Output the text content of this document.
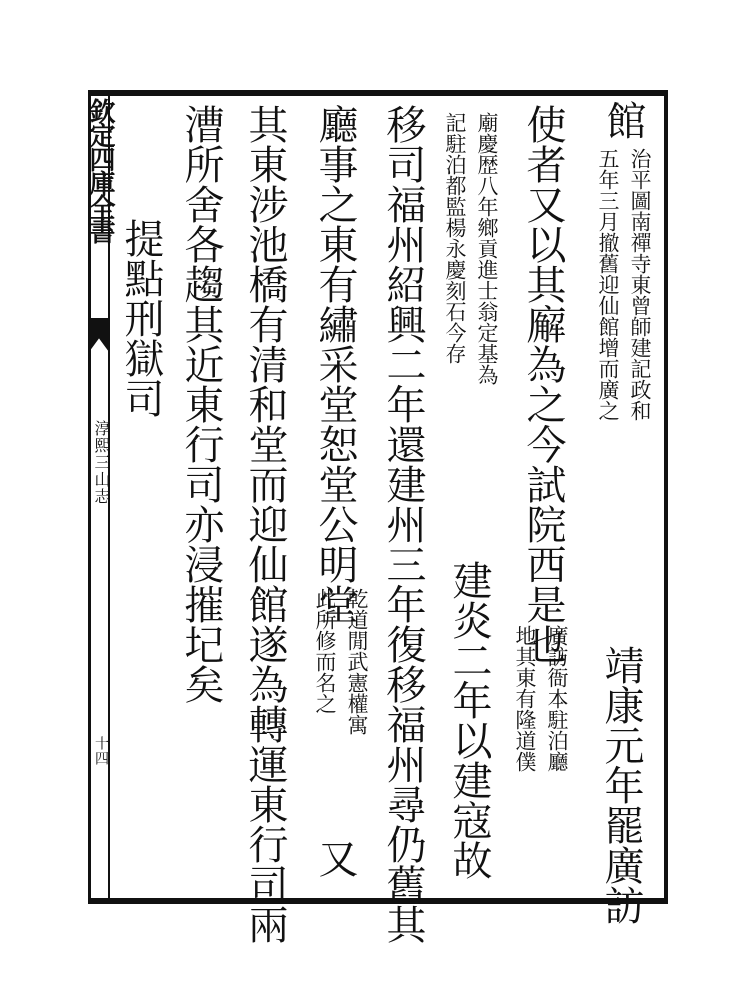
欽定四庫全書
淳熙三山志
十四
館
治平圖南禪寺東曾師建記政和
五年三月撤舊迎仙館增而廣之
靖康元年罷廣訪
使者又以其廨為之今試院西是也
廣訪衙本駐泊廳
地其東有隆道僕
廟慶歴八年鄉貢進士翁定基為
記駐泊都監楊永慶刻石今存
建炎二年以建寇故
移司福州紹興二年還建州三年復移福州尋仍舊其
廳事之東有繡采堂恕堂公明堂
乾道閒武憲權寓
此所修而名之
又
其東涉池橋有清和堂而迎仙館遂為轉運東行司兩
漕所舍各趨其近東行司亦浸摧圮矣
提點刑獄司
